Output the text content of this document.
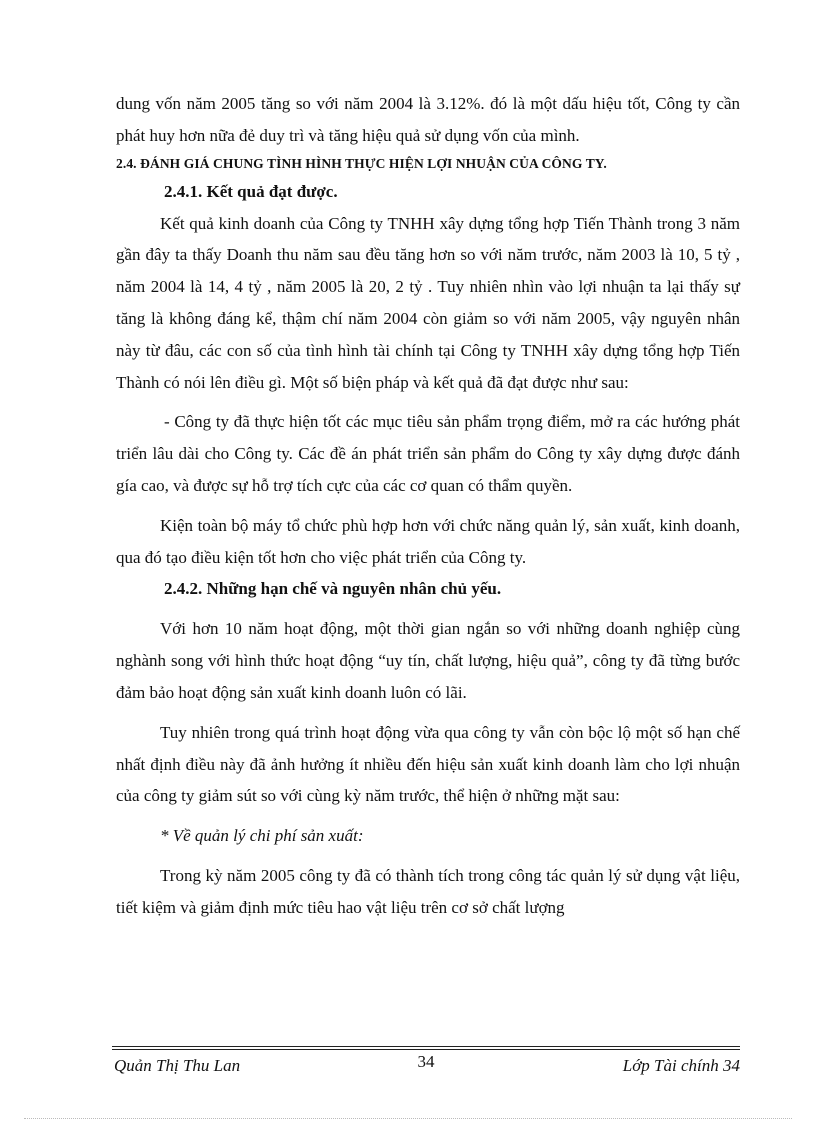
dung vốn năm 2005 tăng so với năm 2004 là 3.12%. đó là một dấu hiệu tốt, Công ty cần phát huy hơn nữa đẻ duy trì và tăng hiệu quả sử dụng vốn của mình.

2.4. ĐÁNH GIÁ CHUNG TÌNH HÌNH THỰC HIỆN LỢI NHUẬN CỦA CÔNG TY.

2.4.1. Kết quả đạt được.

Kết quả kinh doanh của Công ty TNHH xây dựng tổng hợp Tiến Thành trong 3 năm gần đây ta thấy Doanh thu năm sau đều tăng hơn so với năm trước, năm 2003 là 10, 5 tỷ , năm 2004 là 14, 4 tỷ , năm 2005 là 20, 2 tỷ . Tuy nhiên nhìn vào lợi nhuận ta lại thấy sự tăng là không đáng kể, thậm chí năm 2004 còn giảm so với năm 2005, vậy nguyên nhân này từ đâu, các con số của tình hình tài chính tại Công ty TNHH xây dựng tổng hợp Tiến Thành có nói lên điều gì. Một số biện pháp và kết quả đã đạt được như sau:

- Công ty đã thực hiện tốt các mục tiêu sản phẩm trọng điểm, mở ra các hướng phát triển lâu dài cho Công ty. Các đề án phát triển sản phẩm do Công ty xây dựng được đánh gía cao, và được sự hỗ trợ tích cực của các cơ quan có thẩm quyền.

Kiện toàn bộ máy tổ chức phù hợp hơn với chức năng quản lý, sản xuất, kinh doanh, qua đó tạo điều kiện tốt hơn cho việc phát triển của Công ty.

2.4.2. Những hạn chế và nguyên nhân chủ yếu.

Với hơn 10 năm hoạt động, một thời gian ngắn so với những doanh nghiệp cùng nghành song với hình thức hoạt động “uy tín, chất lượng, hiệu quả”, công ty đã từng bước đảm bảo hoạt động sản xuất kinh doanh luôn có lãi.

Tuy nhiên trong quá trình hoạt động vừa qua công ty vẫn còn bộc lộ một số hạn chế nhất định điều này đã ảnh hưởng ít nhiều đến hiệu sản xuất kinh doanh làm cho lợi nhuận của công ty giảm sút so với cùng kỳ năm trước, thể hiện ở những mặt sau:

* Về quản lý chi phí sản xuất:

Trong kỳ năm 2005 công ty đã có thành tích trong công tác quản lý sử dụng vật liệu, tiết kiệm và giảm định mức tiêu hao vật liệu trên cơ sở chất lượng

Quản Thị Thu Lan	34	Lớp Tài chính 34
